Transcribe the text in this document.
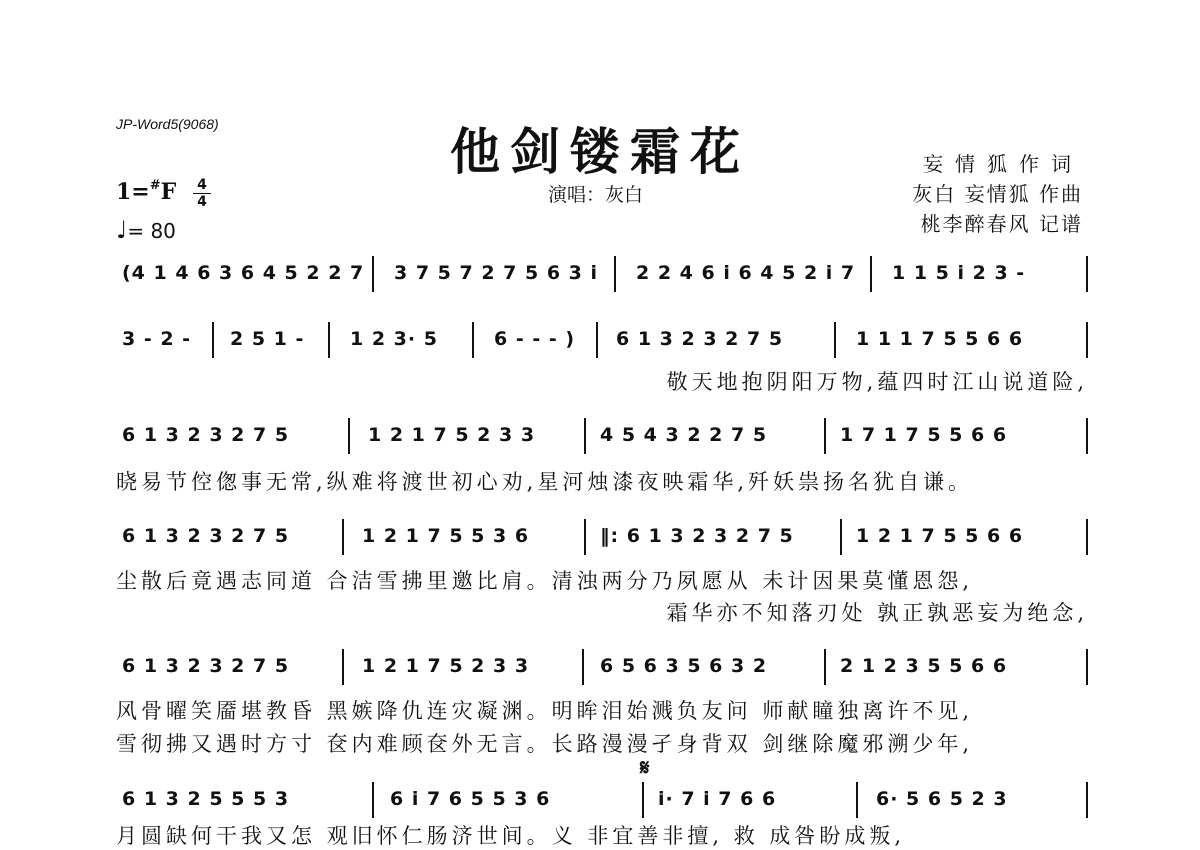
JP-Word5(9068)	他剑镂霜花
演唱：灰白
妄情狐作词
灰白 妄情狐 作曲
桃李醉春风 记谱
1=#F 4
4
♩= 80
(4 1 4 6 3 6 4 5 2 2 7 3 7 5 7 2 7 5 6 3 i 2 2 4 6 i 6 4 5 2 i 7 1 1 5 i 2 3 -
3 - 2 - 2 5 1 - 1 2 3· 5	6 - - - ) 6 1 3 2 3 2 7 5	1 1 1 7 5 5 6 6
敬天地抱阴阳万物,蕴四时江山说道险,
6 1 3 2 3 2 7 5	1 2 1 7 5 2 3 3	4 5 4 3 2 2 7 5	1 7 1 7 5 5 6 6
晓易节倥偬事无常,纵难将渡世初心劝,星河烛漆夜映霜华,歼妖祟扬名犹自谦。
6 1 3 2 3 2 7 5	1 2 1 7 5 5 3 6	‖: 6 1 3 2 3 2 7 5	1 2 1 7 5 5 6 6
尘散后竟遇志同道 合洁雪拂里邀比肩。清浊两分乃夙愿从 未计因果莫懂恩怨,
霜华亦不知落刃处 孰正孰恶妄为绝念,
6 1 3 2 3 2 7 5	1 2 1 7 5 2 3 3	6 5 6 3 5 6 3 2	2 1 2 3 5 5 6 6
风骨曜笑靥堪教昏 黑嫉降仇连灾凝渊。明眸泪始溅负友问 师献瞳独离许不见,
雪彻拂又遇时方寸 奁内难顾奁外无言。长路漫漫孑身背双 剑继除魔邪溯少年,
6 1 3 2 5 5 5 3	6 i 7 6 5 5 3 6	i· 7 i 7 6 6	6· 5 6 5 2 3
月圆缺何干我又怎 观旧怀仁肠济世间。义 非宜善非擅, 救 成咎盼成叛,
𝄋
